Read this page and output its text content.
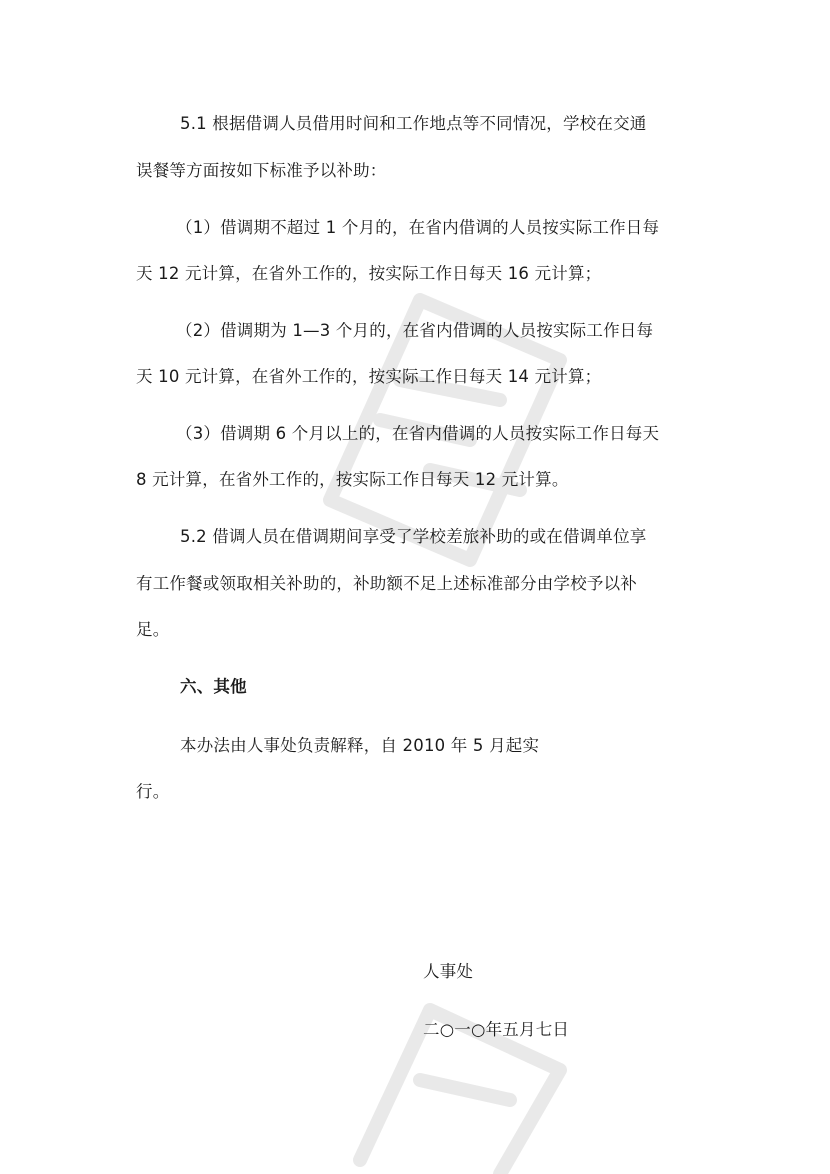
5.1 根据借调人员借用时间和工作地点等不同情况，学校在交通
误餐等方面按如下标准予以补助：
（1）借调期不超过 1 个月的，在省内借调的人员按实际工作日每
天 12 元计算，在省外工作的，按实际工作日每天 16 元计算；
（2）借调期为 1—3 个月的，在省内借调的人员按实际工作日每
天 10 元计算，在省外工作的，按实际工作日每天 14 元计算；
（3）借调期 6 个月以上的，在省内借调的人员按实际工作日每天
8 元计算，在省外工作的，按实际工作日每天 12 元计算。
5.2 借调人员在借调期间享受了学校差旅补助的或在借调单位享
有工作餐或领取相关补助的，补助额不足上述标准部分由学校予以补
足。
六、其他
本办法由人事处负责解释，自 2010 年 5 月起实
行。
人事处
二○一○年五月七日
